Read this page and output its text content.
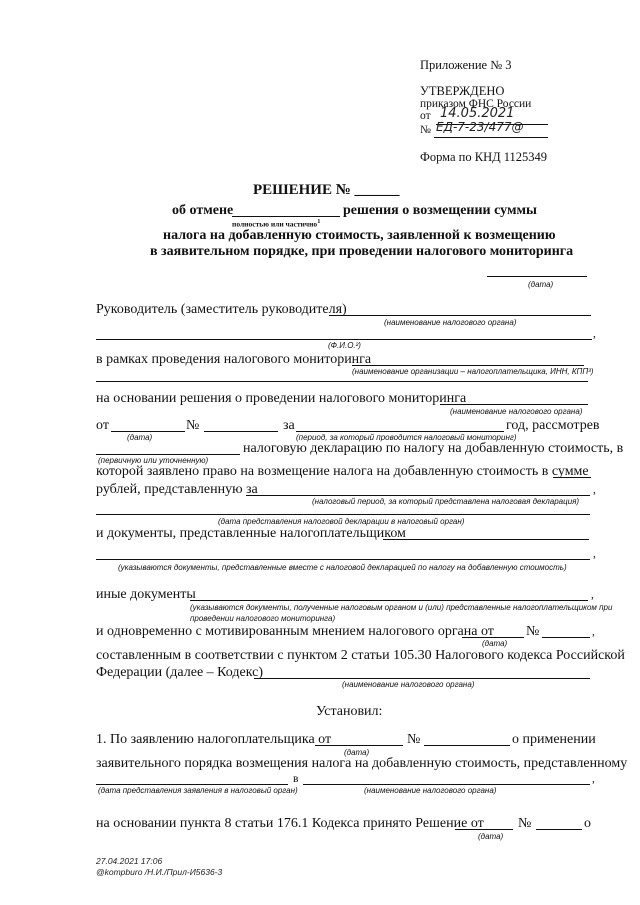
Приложение № 3
УТВЕРЖДЕНО
приказом ФНС России
от 14.05.2021
№ ЕД-7-23/477@
Форма по КНД 1125349
РЕШЕНИЕ № ______
об отмене	решения о возмещении суммы
полностью или частично$^1$
налога на добавленную стоимость, заявленной к возмещению
в заявительном порядке, при проведении налогового мониторинга
(дата)
Руководитель (заместитель руководителя)
(наименование налогового органа)
,
(Ф.И.О.²)
в рамках проведения налогового мониторинга
(наименование организации – налогоплательщика, ИНН, КПП³)
на основании решения о проведении налогового мониторинга
(наименование налогового органа)
от	№	за	год, рассмотрев
(дата)	(период, за который проводится налоговый мониторинг)
налоговую декларацию по налогу на добавленную стоимость, в
(первичную или уточненную)
которой заявлено право на возмещение налога на добавленную стоимость в сумме
рублей, представленную за	,
(налоговый период, за который представлена налоговая декларация)
(дата представления налоговой декларации в налоговый орган)
и документы, представленные налогоплательщиком
,
(указываются документы, представленные вместе с налоговой декларацией по налогу на добавленную стоимость)
иные документы	,
(указываются документы, полученные налоговым органом и (или) представленные налогоплательщиком при
проведении налогового мониторинга)
и одновременно с мотивированным мнением налогового органа от №	,
(дата)
составленным в соответствии с пунктом 2 статьи 105.30 Налогового кодекса Российской
Федерации (далее – Кодекс)
(наименование налогового органа)
Установил:
1. По заявлению налогоплательщика от	№	о применении
(дата)
заявительного порядка возмещения налога на добавленную стоимость, представленному
в	,
(дата представления заявления в налоговый орган)	(наименование налогового органа)
на основании пункта 8 статьи 176.1 Кодекса принято Решение от №	о
(дата)
27.04.2021 17:06
@kompburo /Н.И./Прил-И5636-3
